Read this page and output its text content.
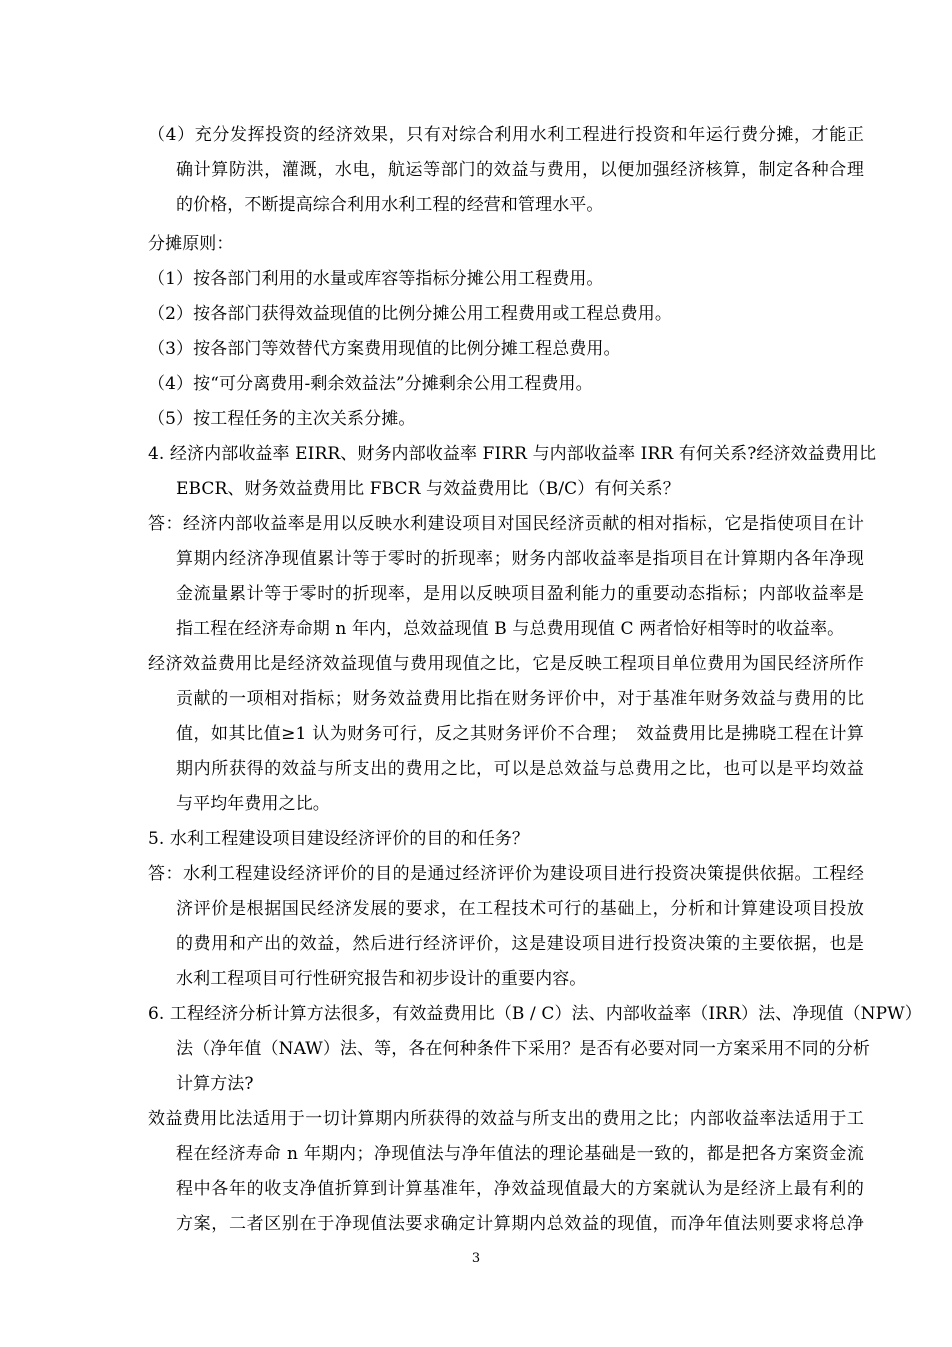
（4）充分发挥投资的经济效果，只有对综合利用水利工程进行投资和年运行费分摊，才能正
确计算防洪，灌溉，水电，航运等部门的效益与费用，以便加强经济核算，制定各种合理
的价格，不断提高综合利用水利工程的经营和管理水平。
分摊原则：
（1）按各部门利用的水量或库容等指标分摊公用工程费用。
（2）按各部门获得效益现值的比例分摊公用工程费用或工程总费用。
（3）按各部门等效替代方案费用现值的比例分摊工程总费用。
（4）按“可分离费用-剩余效益法”分摊剩余公用工程费用。
（5）按工程任务的主次关系分摊。
4. 经济内部收益率 EIRR、财务内部收益率 FIRR 与内部收益率 IRR 有何关系?经济效益费用比
EBCR、财务效益费用比 FBCR 与效益费用比（B/C）有何关系？
答：经济内部收益率是用以反映水利建设项目对国民经济贡献的相对指标，它是指使项目在计
算期内经济净现值累计等于零时的折现率；财务内部收益率是指项目在计算期内各年净现
金流量累计等于零时的折现率，是用以反映项目盈利能力的重要动态指标；内部收益率是
指工程在经济寿命期 n 年内，总效益现值 B 与总费用现值 C 两者恰好相等时的收益率。
经济效益费用比是经济效益现值与费用现值之比，它是反映工程项目单位费用为国民经济所作
贡献的一项相对指标；财务效益费用比指在财务评价中，对于基准年财务效益与费用的比
值，如其比值≥1 认为财务可行，反之其财务评价不合理；　效益费用比是拂晓工程在计算
期内所获得的效益与所支出的费用之比，可以是总效益与总费用之比，也可以是平均效益
与平均年费用之比。
5. 水利工程建设项目建设经济评价的目的和任务？
答：水利工程建设经济评价的目的是通过经济评价为建设项目进行投资决策提供依据。工程经
济评价是根据国民经济发展的要求，在工程技术可行的基础上，分析和计算建设项目投放
的费用和产出的效益，然后进行经济评价，这是建设项目进行投资决策的主要依据，也是
水利工程项目可行性研究报告和初步设计的重要内容。
6. 工程经济分析计算方法很多，有效益费用比（B / C）法、内部收益率（IRR）法、净现值（NPW）
法（净年值（NAW）法、等，各在何种条件下采用？是否有必要对同一方案采用不同的分析
计算方法?
效益费用比法适用于一切计算期内所获得的效益与所支出的费用之比；内部收益率法适用于工
程在经济寿命 n 年期内；净现值法与净年值法的理论基础是一致的，都是把各方案资金流
程中各年的收支净值折算到计算基准年，净效益现值最大的方案就认为是经济上最有利的
方案，二者区别在于净现值法要求确定计算期内总效益的现值，而净年值法则要求将总净
3
